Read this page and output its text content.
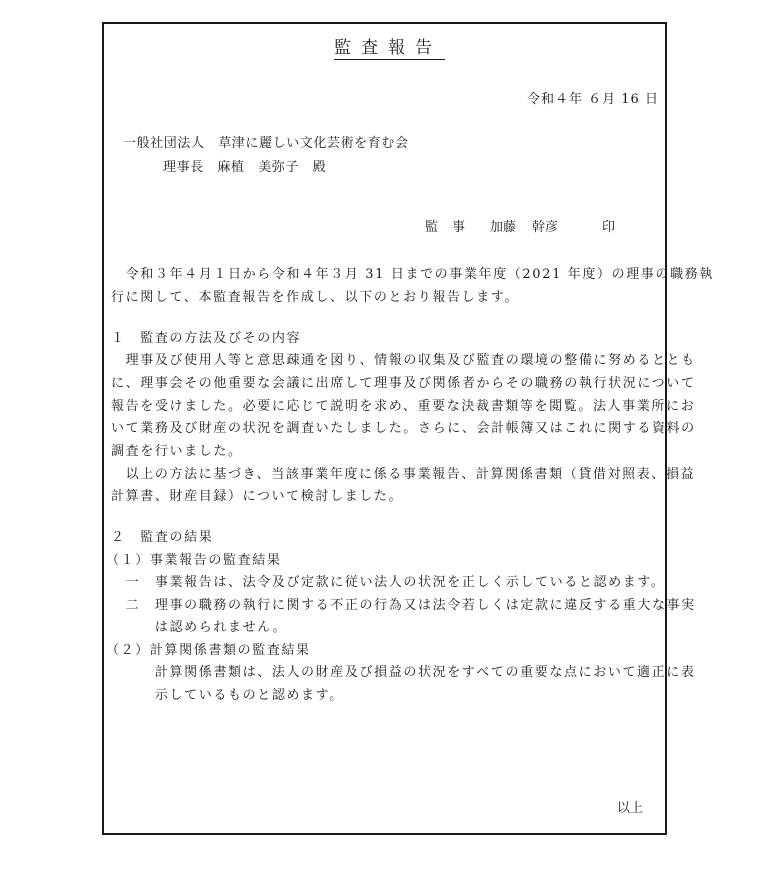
監査報告
令和４年 ６月 16 日
一般社団法人　草津に麗しい文化芸術を育む会
理事長　麻植　美弥子　殿
監 事 加藤 幹彦	印
　令和３年４月１日から令和４年３月 31 日までの事業年度（2021 年度）の理事の職務執
行に関して、本監査報告を作成し、以下のとおり報告します。
１　監査の方法及びその内容
　理事及び使用人等と意思疎通を図り、情報の収集及び監査の環境の整備に努めるととも
に、理事会その他重要な会議に出席して理事及び関係者からその職務の執行状況について
報告を受けました。必要に応じて説明を求め、重要な決裁書類等を閲覧。法人事業所にお
いて業務及び財産の状況を調査いたしました。さらに、会計帳簿又はこれに関する資料の
調査を行いました。
　以上の方法に基づき、当該事業年度に係る事業報告、計算関係書類（貸借対照表、損益
計算書、財産目録）について検討しました。
２　監査の結果
（１）事業報告の監査結果
　一　事業報告は、法令及び定款に従い法人の状況を正しく示していると認めます。
　二　理事の職務の執行に関する不正の行為又は法令若しくは定款に違反する重大な事実
　　　は認められません。
（２）計算関係書類の監査結果
　　　計算関係書類は、法人の財産及び損益の状況をすべての重要な点において適正に表
　　　示しているものと認めます。
以上
